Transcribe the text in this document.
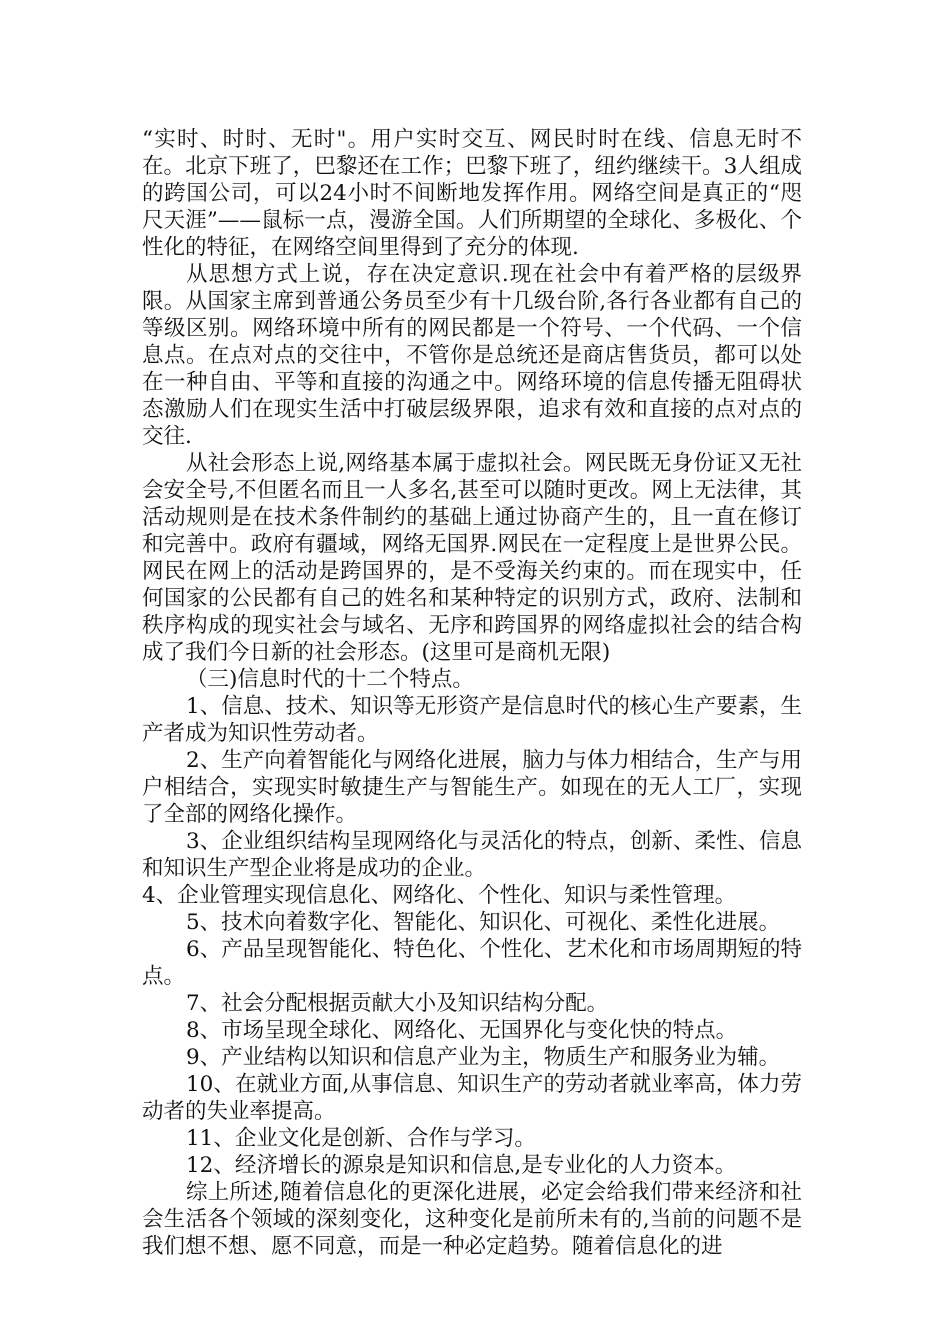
“实时、时时、无时"。用户实时交互、网民时时在线、信息无时不在。北京下班了，巴黎还在工作；巴黎下班了，纽约继续干。3人组成的跨国公司，可以24小时不间断地发挥作用。网络空间是真正的“咫尺天涯”——鼠标一点，漫游全国。人们所期望的全球化、多极化、个性化的特征，在网络空间里得到了充分的体现.

从思想方式上说，存在决定意识.现在社会中有着严格的层级界限。从国家主席到普通公务员至少有十几级台阶,各行各业都有自己的等级区别。网络环境中所有的网民都是一个符号、一个代码、一个信息点。在点对点的交往中，不管你是总统还是商店售货员，都可以处在一种自由、平等和直接的沟通之中。网络环境的信息传播无阻碍状态激励人们在现实生活中打破层级界限，追求有效和直接的点对点的交往.

从社会形态上说,网络基本属于虚拟社会。网民既无身份证又无社会安全号,不但匿名而且一人多名,甚至可以随时更改。网上无法律，其活动规则是在技术条件制约的基础上通过协商产生的，且一直在修订和完善中。政府有疆域，网络无国界.网民在一定程度上是世界公民。网民在网上的活动是跨国界的，是不受海关约束的。而在现实中，任何国家的公民都有自己的姓名和某种特定的识别方式，政府、法制和秩序构成的现实社会与域名、无序和跨国界的网络虚拟社会的结合构成了我们今日新的社会形态。(这里可是商机无限)

（三)信息时代的十二个特点。

1、信息、技术、知识等无形资产是信息时代的核心生产要素，生产者成为知识性劳动者。

2、生产向着智能化与网络化进展，脑力与体力相结合，生产与用户相结合，实现实时敏捷生产与智能生产。如现在的无人工厂，实现了全部的网络化操作。

3、企业组织结构呈现网络化与灵活化的特点，创新、柔性、信息和知识生产型企业将是成功的企业。

4、企业管理实现信息化、网络化、个性化、知识与柔性管理。

5、技术向着数字化、智能化、知识化、可视化、柔性化进展。

6、产品呈现智能化、特色化、个性化、艺术化和市场周期短的特点。

7、社会分配根据贡献大小及知识结构分配。

8、市场呈现全球化、网络化、无国界化与变化快的特点。

9、产业结构以知识和信息产业为主，物质生产和服务业为辅。

10、在就业方面,从事信息、知识生产的劳动者就业率高，体力劳动者的失业率提高。

11、企业文化是创新、合作与学习。

12、经济增长的源泉是知识和信息,是专业化的人力资本。

综上所述,随着信息化的更深化进展，必定会给我们带来经济和社会生活各个领域的深刻变化，这种变化是前所未有的,当前的问题不是我们想不想、愿不同意，而是一种必定趋势。随着信息化的进
